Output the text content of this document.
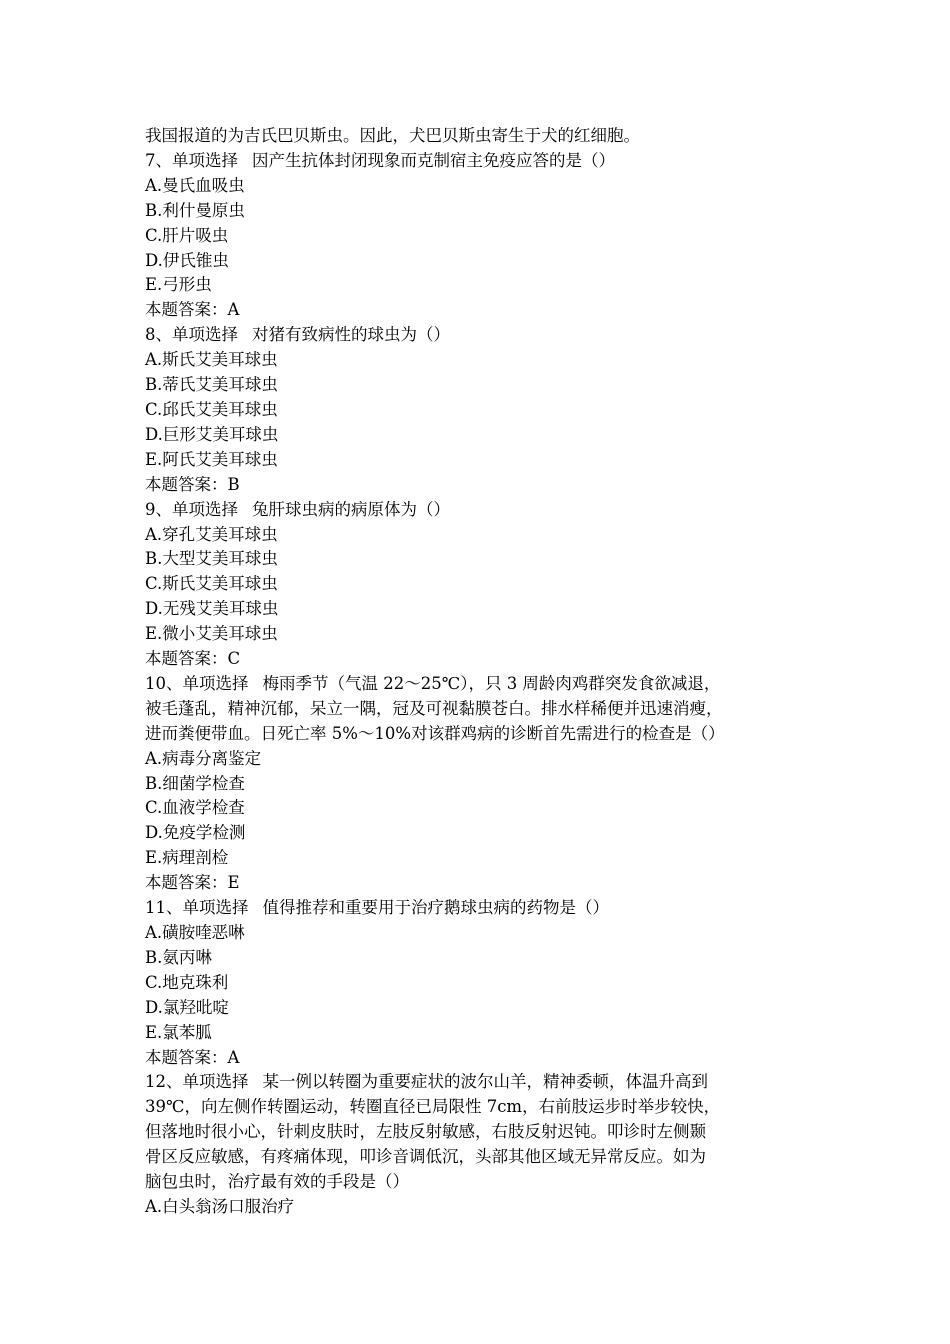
我国报道的为吉氏巴贝斯虫。因此，犬巴贝斯虫寄生于犬的红细胞。

7、单项选择 因产生抗体封闭现象而克制宿主免疫应答的是（）

A.曼氏血吸虫

B.利什曼原虫

C.肝片吸虫

D.伊氏锥虫

E.弓形虫

本题答案：A

8、单项选择 对猪有致病性的球虫为（）

A.斯氏艾美耳球虫

B.蒂氏艾美耳球虫

C.邱氏艾美耳球虫

D.巨形艾美耳球虫

E.阿氏艾美耳球虫

本题答案：B

9、单项选择 兔肝球虫病的病原体为（）

A.穿孔艾美耳球虫

B.大型艾美耳球虫

C.斯氏艾美耳球虫

D.无残艾美耳球虫

E.微小艾美耳球虫

本题答案：C

10、单项选择 梅雨季节（气温 22～25℃），只 3 周龄肉鸡群突发食欲减退，

被毛蓬乱，精神沉郁，呆立一隅，冠及可视黏膜苍白。排水样稀便并迅速消瘦，

进而粪便带血。日死亡率 5%～10%对该群鸡病的诊断首先需进行的检查是（）

A.病毒分离鉴定

B.细菌学检查

C.血液学检查

D.免疫学检测

E.病理剖检

本题答案：E

11、单项选择 值得推荐和重要用于治疗鹅球虫病的药物是（）

A.磺胺喹恶啉

B.氨丙啉

C.地克珠利

D.氯羟吡啶

E.氯苯胍

本题答案：A

12、单项选择 某一例以转圈为重要症状的波尔山羊，精神委顿，体温升高到

39℃，向左侧作转圈运动，转圈直径已局限性 7cm，右前肢运步时举步较快，

但落地时很小心，针刺皮肤时，左肢反射敏感，右肢反射迟钝。叩诊时左侧颞

骨区反应敏感，有疼痛体现，叩诊音调低沉，头部其他区域无异常反应。如为

脑包虫时，治疗最有效的手段是（）

A.白头翁汤口服治疗
